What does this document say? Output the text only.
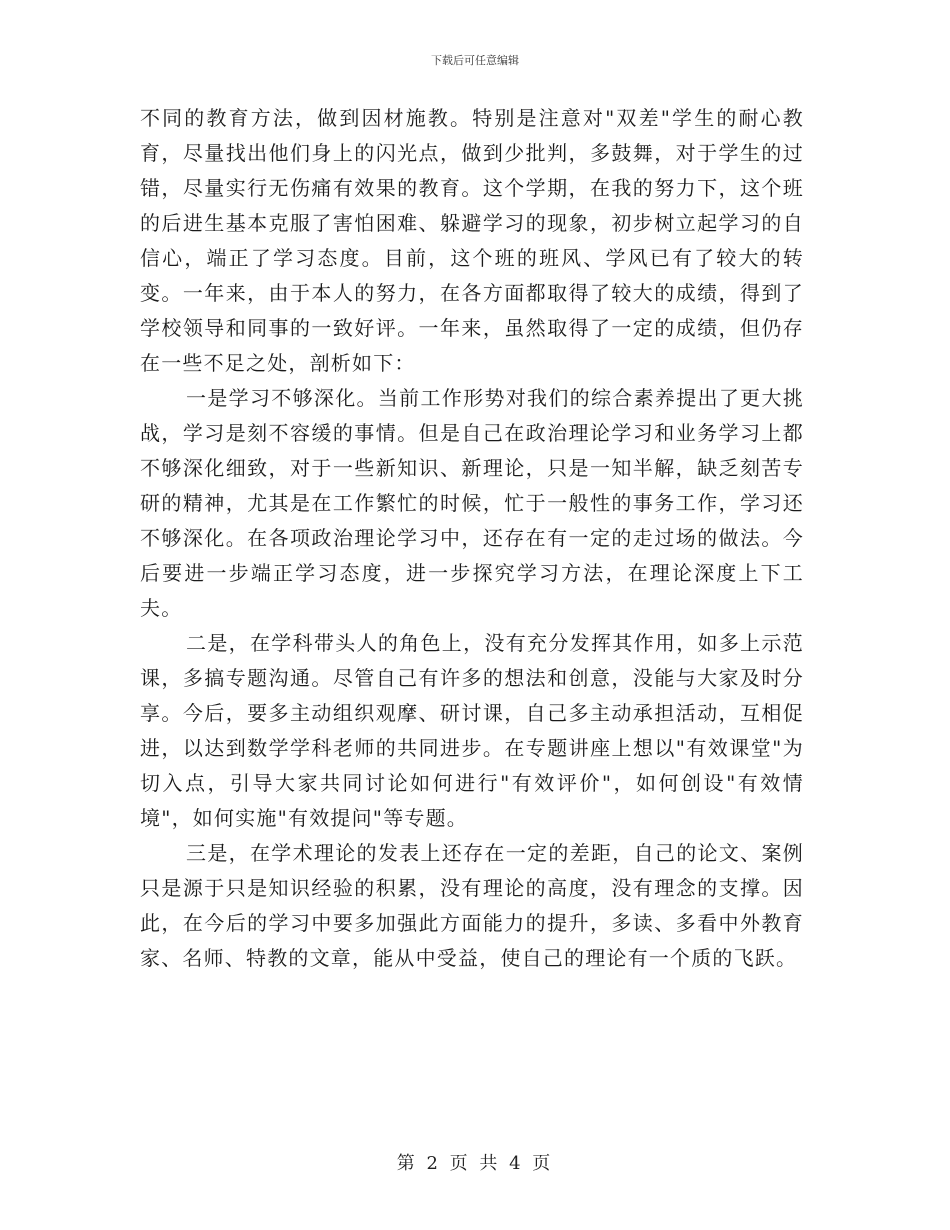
下载后可任意编辑

不同的教育方法，做到因材施教。特别是注意对"双差"学生的耐心教育，尽量找出他们身上的闪光点，做到少批判，多鼓舞，对于学生的过错，尽量实行无伤痛有效果的教育。这个学期，在我的努力下，这个班的后进生基本克服了害怕困难、躲避学习的现象，初步树立起学习的自信心，端正了学习态度。目前，这个班的班风、学风已有了较大的转变。一年来，由于本人的努力，在各方面都取得了较大的成绩，得到了学校领导和同事的一致好评。一年来，虽然取得了一定的成绩，但仍存在一些不足之处，剖析如下：

一是学习不够深化。当前工作形势对我们的综合素养提出了更大挑战，学习是刻不容缓的事情。但是自己在政治理论学习和业务学习上都不够深化细致，对于一些新知识、新理论，只是一知半解，缺乏刻苦专研的精神，尤其是在工作繁忙的时候，忙于一般性的事务工作，学习还不够深化。在各项政治理论学习中，还存在有一定的走过场的做法。今后要进一步端正学习态度，进一步探究学习方法，在理论深度上下工夫。

二是，在学科带头人的角色上，没有充分发挥其作用，如多上示范课，多搞专题沟通。尽管自己有许多的想法和创意，没能与大家及时分享。今后，要多主动组织观摩、研讨课，自己多主动承担活动，互相促进，以达到数学学科老师的共同进步。在专题讲座上想以"有效课堂"为切入点，引导大家共同讨论如何进行"有效评价"，如何创设"有效情境"，如何实施"有效提问"等专题。

三是，在学术理论的发表上还存在一定的差距，自己的论文、案例只是源于只是知识经验的积累，没有理论的高度，没有理念的支撑。因此，在今后的学习中要多加强此方面能力的提升，多读、多看中外教育家、名师、特教的文章，能从中受益，使自己的理论有一个质的飞跃。

第 2 页 共 4 页
